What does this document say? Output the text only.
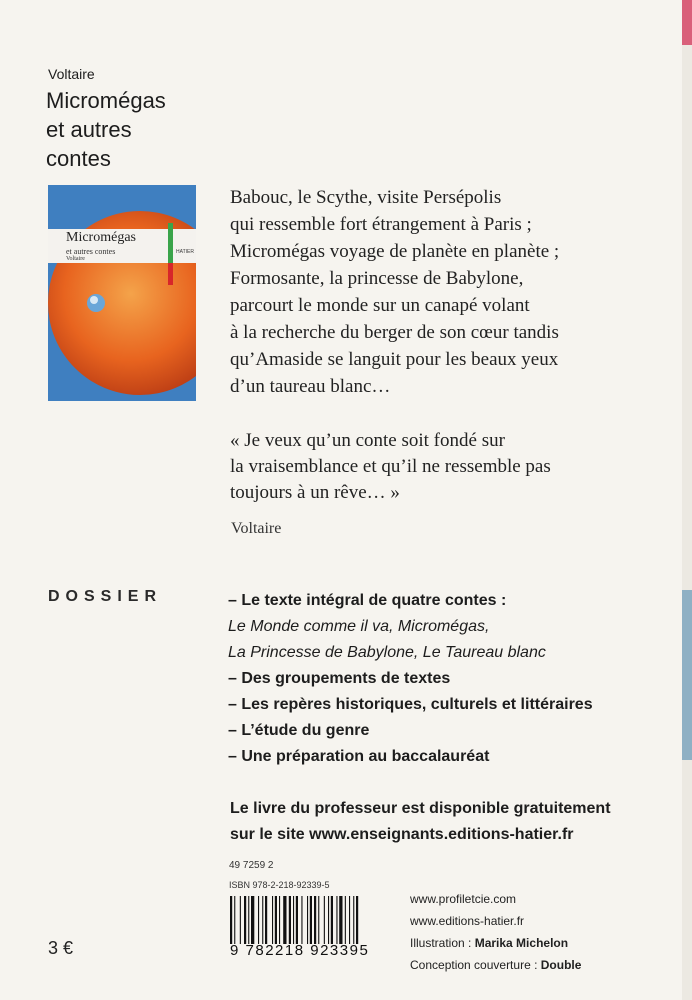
Voltaire
Micromégas
et autres
contes
Micromégas
et autres contes
Voltaire
HATIER
Babouc, le Scythe, visite Persépolis
qui ressemble fort étrangement à Paris ;
Micromégas voyage de planète en planète ;
Formosante, la princesse de Babylone,
parcourt le monde sur un canapé volant
à la recherche du berger de son cœur tandis
qu’Amaside se languit pour les beaux yeux
d’un taureau blanc…
« Je veux qu’un conte soit fondé sur
la vraisemblance et qu’il ne ressemble pas
toujours à un rêve… »
Voltaire
DOSSIER	– Le texte intégral de quatre contes :
Le Monde comme il va, Micromégas,
La Princesse de Babylone, Le Taureau blanc
– Des groupements de textes
– Les repères historiques, culturels et littéraires
– L’étude du genre
– Une préparation au baccalauréat
Le livre du professeur est disponible gratuitement
sur le site www.enseignants.editions-hatier.fr
49 7259 2
ISBN 978-2-218-92339-5
9 782218 923395
www.profiletcie.com
www.editions-hatier.fr
Illustration : Marika Michelon
Conception couverture : Double
3 €
